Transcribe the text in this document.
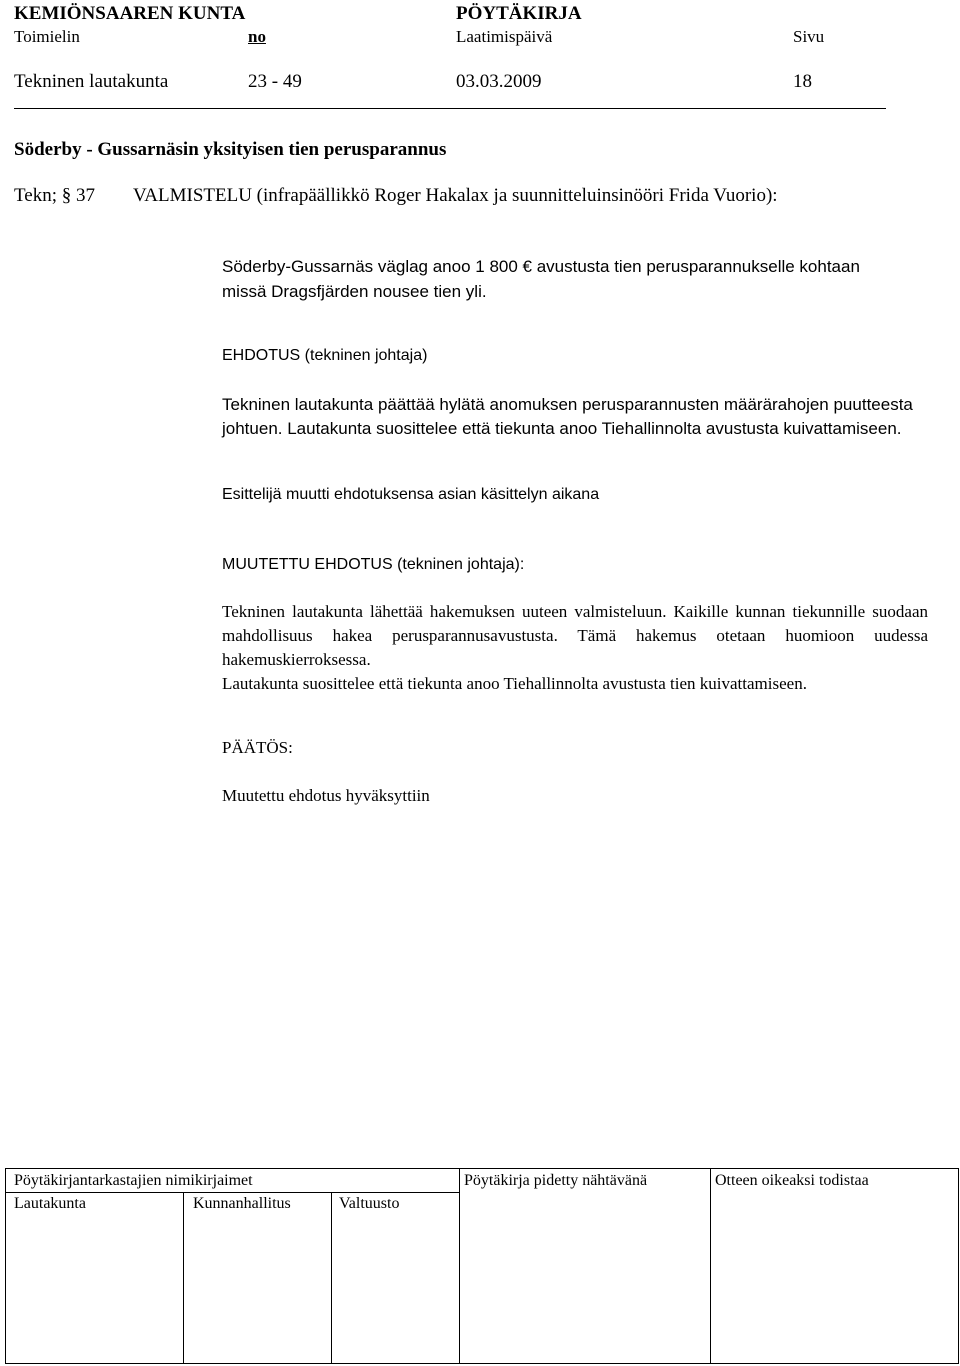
KEMIÖNSAAREN KUNTA	PÖYTÄKIRJA
Toimielin	no	Laatimispäivä	Sivu
Tekninen lautakunta	23 - 49	03.03.2009	18
Söderby - Gussarnäsin yksityisen tien perusparannus
Tekn; § 37 VALMISTELU (infrapäällikkö Roger Hakalax ja suunnitteluinsinööri Frida Vuorio):
Söderby-Gussarnäs väglag anoo 1 800 € avustusta tien perusparannukselle kohtaan missä Dragsfjärden nousee tien yli.
EHDOTUS (tekninen johtaja)
Tekninen lautakunta päättää hylätä anomuksen perusparannusten määrärahojen puutteesta johtuen. Lautakunta suosittelee että tiekunta anoo Tiehallinnolta avustusta kuivattamiseen.
Esittelijä muutti ehdotuksensa asian käsittelyn aikana
MUUTETTU EHDOTUS (tekninen johtaja):
Tekninen lautakunta lähettää hakemuksen uuteen valmisteluun. Kaikille kunnan tiekunnille suodaan mahdollisuus hakea perusparannusavustusta. Tämä hakemus otetaan huomioon uudessa hakemuskierroksessa.
Lautakunta suosittelee että tiekunta anoo Tiehallinnolta avustusta tien kuivattamiseen.
PÄÄTÖS:
Muutettu ehdotus hyväksyttiin
Pöytäkirjantarkastajien nimikirjaimet
Lautakunta	Kunnanhallitus	Valtuusto
Pöytäkirja pidetty nähtävänä	Otteen oikeaksi todistaa
